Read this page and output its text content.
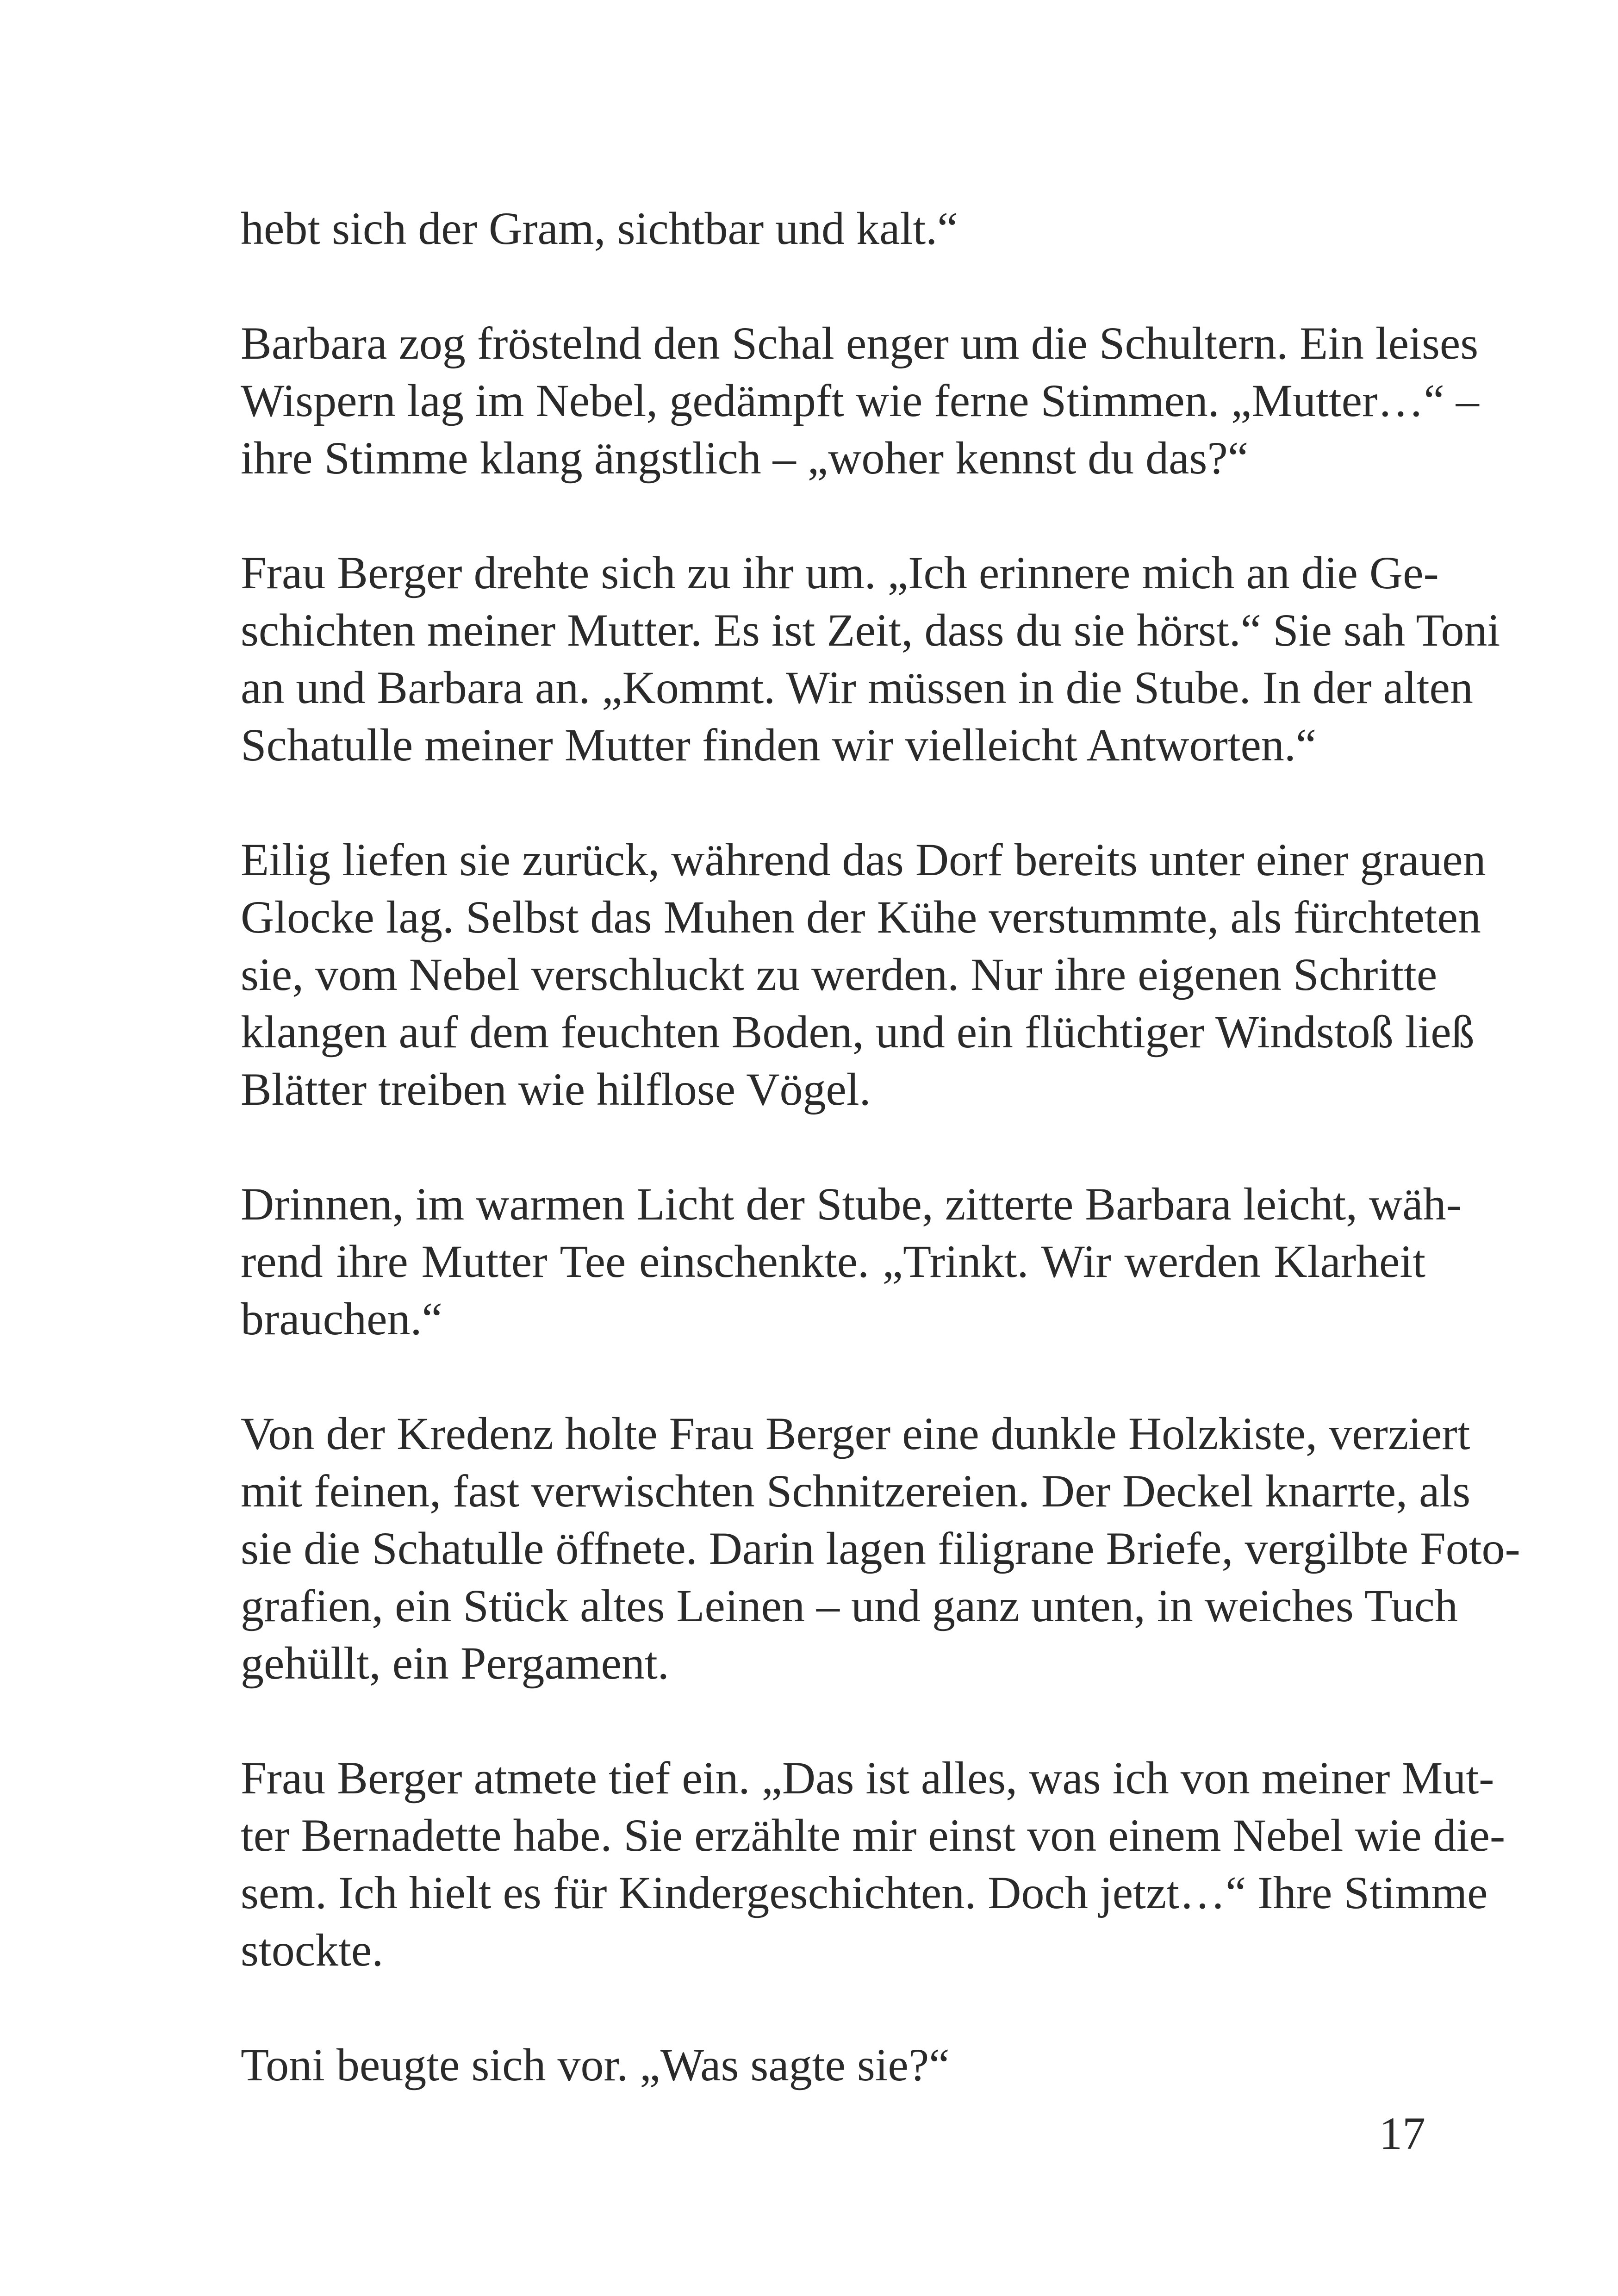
hebt sich der Gram, sichtbar und kalt.“

Barbara zog fröstelnd den Schal enger um die Schultern. Ein leises
Wispern lag im Nebel, gedämpft wie ferne Stimmen. „Mutter…“ –
ihre Stimme klang ängstlich – „woher kennst du das?“

Frau Berger drehte sich zu ihr um. „Ich erinnere mich an die Ge-
schichten meiner Mutter. Es ist Zeit, dass du sie hörst.“ Sie sah Toni
an und Barbara an. „Kommt. Wir müssen in die Stube. In der alten
Schatulle meiner Mutter finden wir vielleicht Antworten.“

Eilig liefen sie zurück, während das Dorf bereits unter einer grauen
Glocke lag. Selbst das Muhen der Kühe verstummte, als fürchteten
sie, vom Nebel verschluckt zu werden. Nur ihre eigenen Schritte
klangen auf dem feuchten Boden, und ein flüchtiger Windstoß ließ
Blätter treiben wie hilflose Vögel.

Drinnen, im warmen Licht der Stube, zitterte Barbara leicht, wäh-
rend ihre Mutter Tee einschenkte. „Trinkt. Wir werden Klarheit
brauchen.“

Von der Kredenz holte Frau Berger eine dunkle Holzkiste, verziert
mit feinen, fast verwischten Schnitzereien. Der Deckel knarrte, als
sie die Schatulle öffnete. Darin lagen filigrane Briefe, vergilbte Foto-
grafien, ein Stück altes Leinen – und ganz unten, in weiches Tuch
gehüllt, ein Pergament.

Frau Berger atmete tief ein. „Das ist alles, was ich von meiner Mut-
ter Bernadette habe. Sie erzählte mir einst von einem Nebel wie die-
sem. Ich hielt es für Kindergeschichten. Doch jetzt…“ Ihre Stimme
stockte.

Toni beugte sich vor. „Was sagte sie?“

17
